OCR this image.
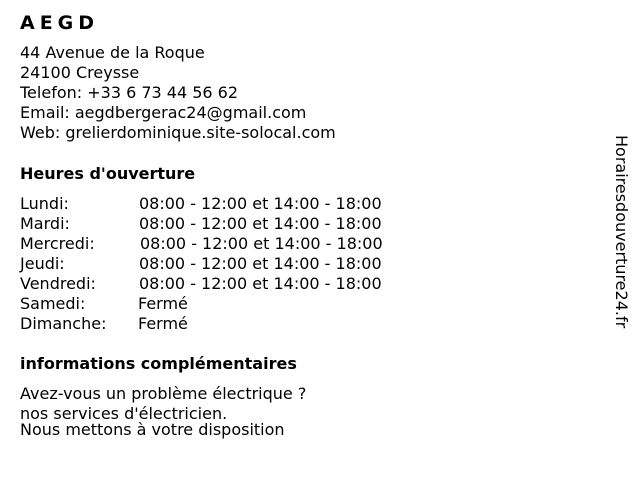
AEGD
44 Avenue de la Roque
24100 Creysse
Telefon: +33 6 73 44 56 62
Email: aegdbergerac24@gmail.com
Web: grelierdominique.site-solocal.com
Heures d'ouverture
Lundi:	08:00 - 12:00 et 14:00 - 18:00
Mardi:	08:00 - 12:00 et 14:00 - 18:00
Mercredi:	08:00 - 12:00 et 14:00 - 18:00
Jeudi:	08:00 - 12:00 et 14:00 - 18:00
Vendredi:	08:00 - 12:00 et 14:00 - 18:00
Samedi:	Fermé
Dimanche: Fermé
informations complémentaires
Avez-vous un problème électrique ?
nos services d'électricien.
Nous mettons à votre disposition
Horairesdouverture24.fr
